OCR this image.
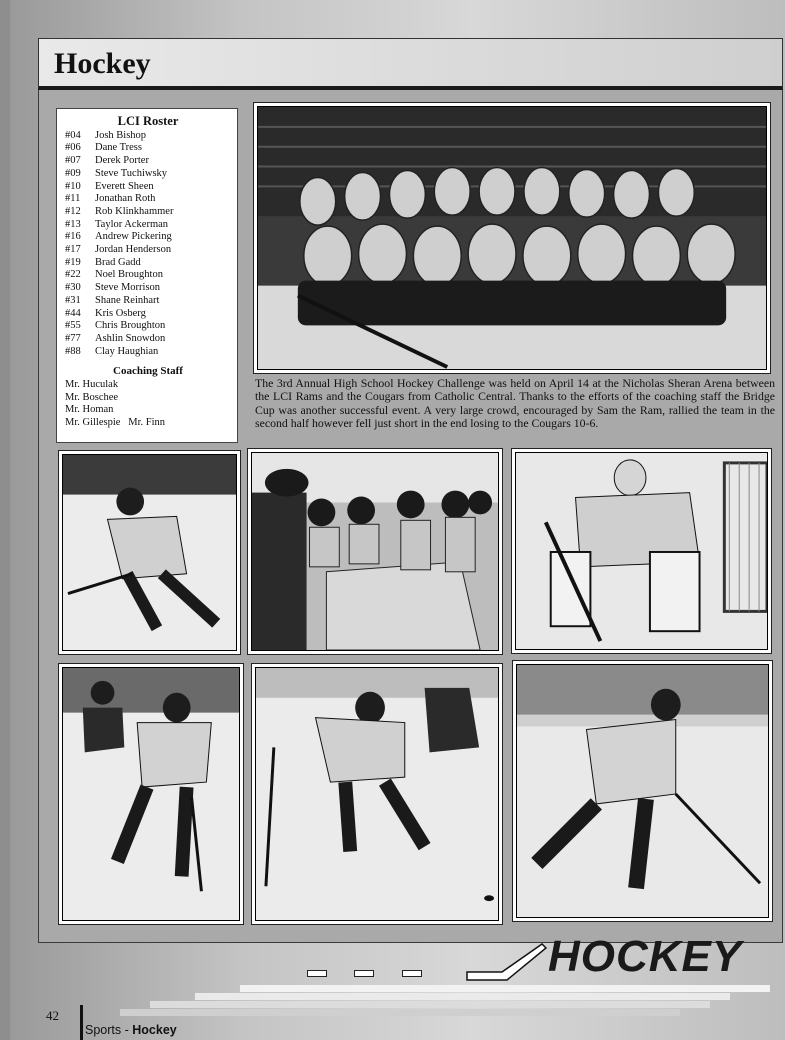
Hockey
LCI Roster
#04	Josh Bishop
#06	Dane Tress
#07	Derek Porter
#09	Steve Tuchiwsky
#10	Everett Sheen
#11	Jonathan Roth
#12	Rob Klinkhammer
#13	Taylor Ackerman
#16	Andrew Pickering
#17	Jordan Henderson
#19	Brad Gadd
#22	Noel Broughton
#30	Steve Morrison
#31	Shane Reinhart
#44	Kris Osberg
#55	Chris Broughton
#77	Ashlin Snowdon
#88	Clay Haughian
Coaching Staff
Mr. Huculak
Mr. Boschee
Mr. Homan
Mr. Gillespie   Mr. Finn
The 3rd Annual High School Hockey Challenge was held on April 14 at the Nicholas Sheran Arena between the LCI Rams and the Cougars from Catholic Central. Thanks to the efforts of the coaching staff the Bridge Cup was another successful event. A very large crowd, encouraged by Sam the Ram, rallied the team in the second half however fell just short in the end losing to the Cougars 10-6.
HOCKEY
42
Sports - Hockey
